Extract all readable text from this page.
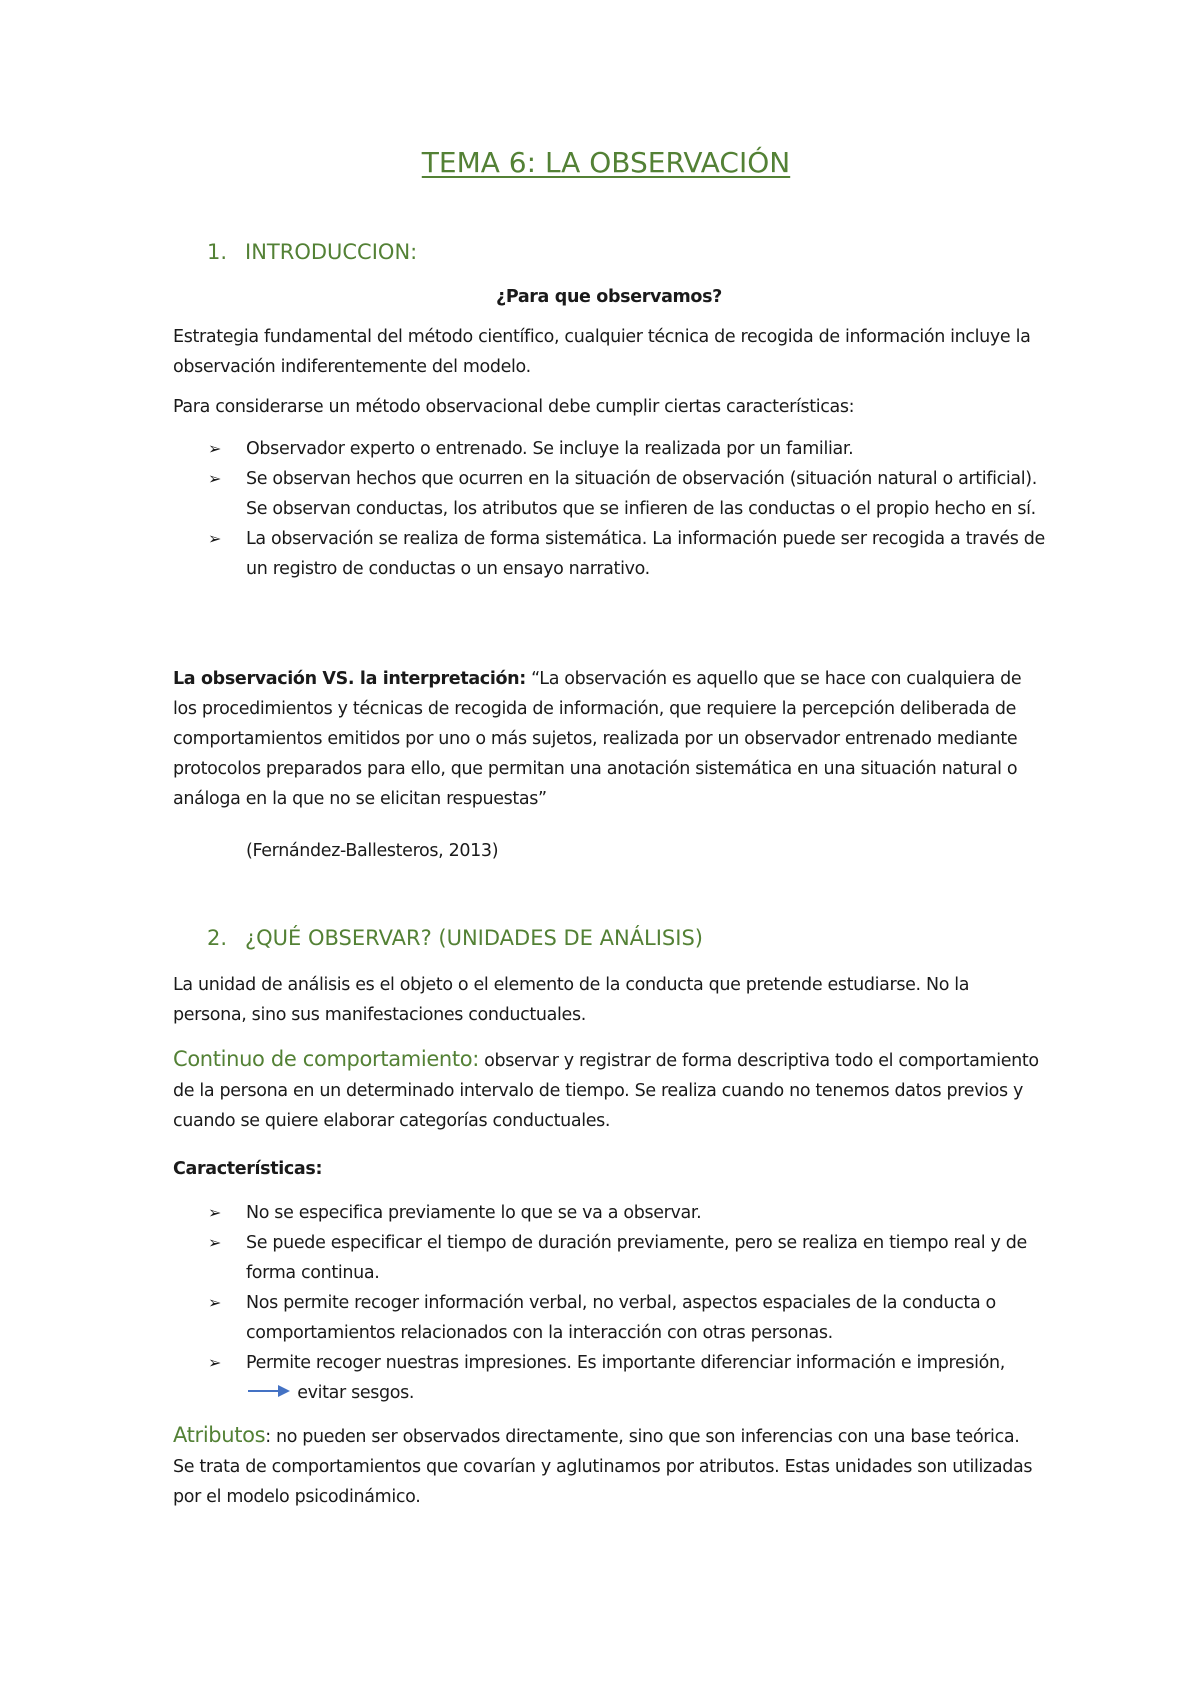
TEMA 6: LA OBSERVACIÓN
1. INTRODUCCION:

¿Para que observamos?

Estrategia fundamental del método científico, cualquier técnica de recogida de información incluye la observación indiferentemente del modelo.

Para considerarse un método observacional debe cumplir ciertas características:

➢ Observador experto o entrenado. Se incluye la realizada por un familiar.
➢ Se observan hechos que ocurren en la situación de observación (situación natural o artificial). Se observan conductas, los atributos que se infieren de las conductas o el propio hecho en sí.
➢ La observación se realiza de forma sistemática. La información puede ser recogida a través de un registro de conductas o un ensayo narrativo.

La observación VS. la interpretación: “La observación es aquello que se hace con cualquiera de los procedimientos y técnicas de recogida de información, que requiere la percepción deliberada de comportamientos emitidos por uno o más sujetos, realizada por un observador entrenado mediante protocolos preparados para ello, que permitan una anotación sistemática en una situación natural o análoga en la que no se elicitan respuestas”

(Fernández-Ballesteros, 2013)

2. ¿QUÉ OBSERVAR? (UNIDADES DE ANÁLISIS)

La unidad de análisis es el objeto o el elemento de la conducta que pretende estudiarse. No la persona, sino sus manifestaciones conductuales.

Continuo de comportamiento: observar y registrar de forma descriptiva todo el comportamiento de la persona en un determinado intervalo de tiempo. Se realiza cuando no tenemos datos previos y cuando se quiere elaborar categorías conductuales.

Características:

➢ No se especifica previamente lo que se va a observar.
➢ Se puede especificar el tiempo de duración previamente, pero se realiza en tiempo real y de forma continua.
➢ Nos permite recoger información verbal, no verbal, aspectos espaciales de la conducta o comportamientos relacionados con la interacción con otras personas.
➢ Permite recoger nuestras impresiones. Es importante diferenciar información e impresión,
evitar sesgos.

Atributos: no pueden ser observados directamente, sino que son inferencias con una base teórica. Se trata de comportamientos que covarían y aglutinamos por atributos. Estas unidades son utilizadas por el modelo psicodinámico.
